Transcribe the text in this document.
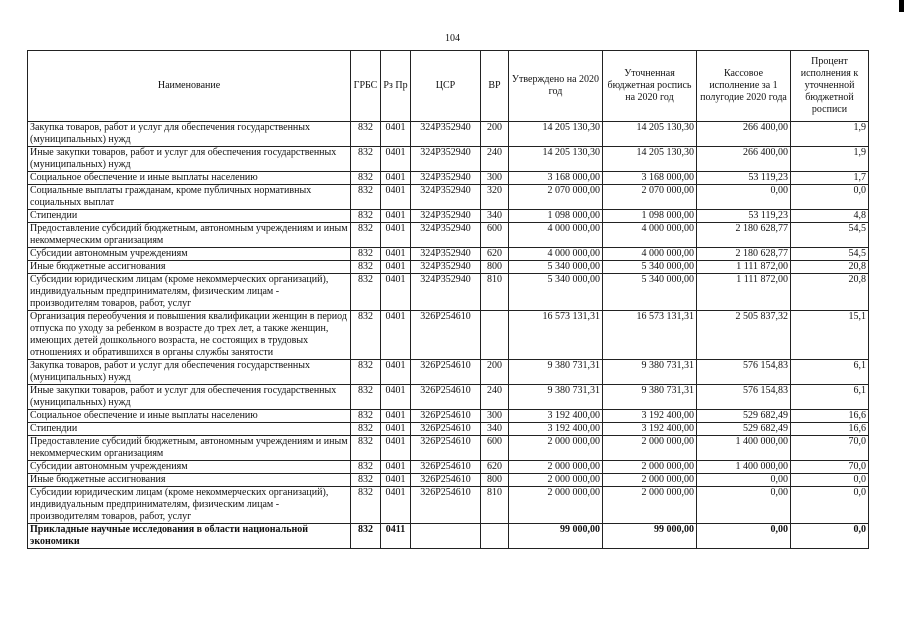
104
Наименование	ГРБС	Рз Пр	ЦСР	ВР	Утверждено на 2020 год	Уточненная бюджетная роспись на 2020 год	Кассовое исполнение за 1 полугодие 2020 года	Процент исполнения к уточненной бюджетной росписи
Закупка товаров, работ и услуг для обеспечения государственных (муниципальных) нужд	832	0401	324P352940	200	14 205 130,30	14 205 130,30	266 400,00	1,9
Иные закупки товаров, работ и услуг для обеспечения государственных (муниципальных) нужд	832	0401	324P352940	240	14 205 130,30	14 205 130,30	266 400,00	1,9
Социальное обеспечение и иные выплаты населению	832	0401	324P352940	300	3 168 000,00	3 168 000,00	53 119,23	1,7
Социальные выплаты гражданам, кроме публичных нормативных социальных выплат	832	0401	324P352940	320	2 070 000,00	2 070 000,00	0,00	0,0
Стипендии	832	0401	324P352940	340	1 098 000,00	1 098 000,00	53 119,23	4,8
Предоставление субсидий бюджетным, автономным учреждениям и иным некоммерческим организациям	832	0401	324P352940	600	4 000 000,00	4 000 000,00	2 180 628,77	54,5
Субсидии автономным учреждениям	832	0401	324P352940	620	4 000 000,00	4 000 000,00	2 180 628,77	54,5
Иные бюджетные ассигнования	832	0401	324P352940	800	5 340 000,00	5 340 000,00	1 111 872,00	20,8
Субсидии юридическим лицам (кроме некоммерческих организаций), индивидуальным предпринимателям, физическим лицам - производителям товаров, работ, услуг	832	0401	324P352940	810	5 340 000,00	5 340 000,00	1 111 872,00	20,8
Организация переобучения и повышения квалификации женщин в период отпуска по уходу за ребенком в возрасте до трех лет, а также женщин, имеющих детей дошкольного возраста, не состоящих в трудовых отношениях и обратившихся в органы службы занятости	832	0401	326P254610		16 573 131,31	16 573 131,31	2 505 837,32	15,1
Закупка товаров, работ и услуг для обеспечения государственных (муниципальных) нужд	832	0401	326P254610	200	9 380 731,31	9 380 731,31	576 154,83	6,1
Иные закупки товаров, работ и услуг для обеспечения государственных (муниципальных) нужд	832	0401	326P254610	240	9 380 731,31	9 380 731,31	576 154,83	6,1
Социальное обеспечение и иные выплаты населению	832	0401	326P254610	300	3 192 400,00	3 192 400,00	529 682,49	16,6
Стипендии	832	0401	326P254610	340	3 192 400,00	3 192 400,00	529 682,49	16,6
Предоставление субсидий бюджетным, автономным учреждениям и иным некоммерческим организациям	832	0401	326P254610	600	2 000 000,00	2 000 000,00	1 400 000,00	70,0
Субсидии автономным учреждениям	832	0401	326P254610	620	2 000 000,00	2 000 000,00	1 400 000,00	70,0
Иные бюджетные ассигнования	832	0401	326P254610	800	2 000 000,00	2 000 000,00	0,00	0,0
Субсидии юридическим лицам (кроме некоммерческих организаций), индивидуальным предпринимателям, физическим лицам - производителям товаров, работ, услуг	832	0401	326P254610	810	2 000 000,00	2 000 000,00	0,00	0,0
Прикладные научные исследования в области национальной экономики	832	0411			99 000,00	99 000,00	0,00	0,0
